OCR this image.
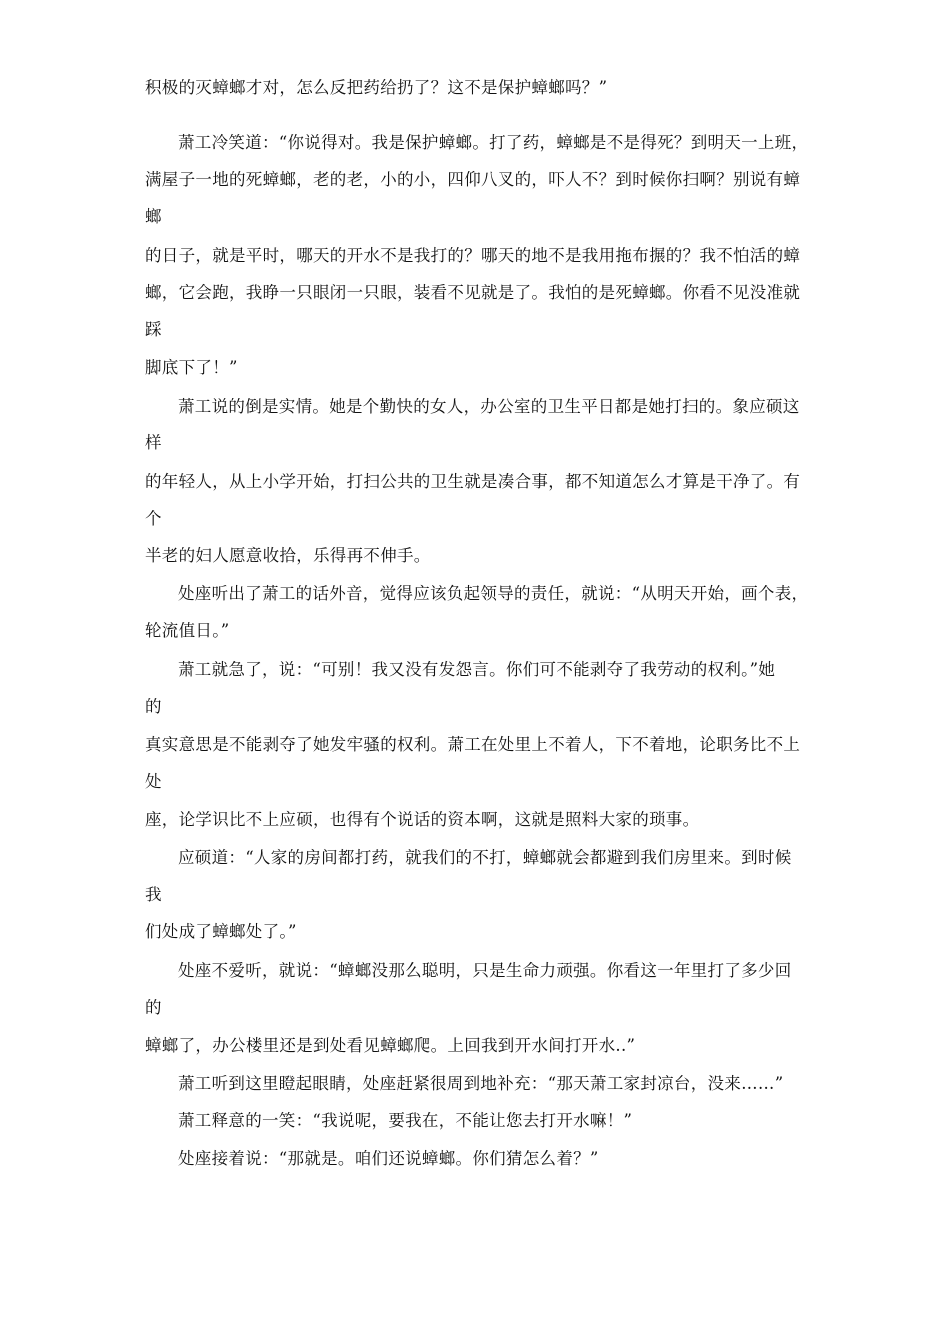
积极的灭蟑螂才对，怎么反把药给扔了？这不是保护蟑螂吗？”
萧工冷笑道：“你说得对。我是保护蟑螂。打了药，蟑螂是不是得死？到明天一上班，
满屋子一地的死蟑螂，老的老，小的小，四仰八叉的，吓人不？到时候你扫啊？别说有蟑
螂
的日子，就是平时，哪天的开水不是我打的？哪天的地不是我用拖布搌的？我不怕活的蟑
螂，它会跑，我睁一只眼闭一只眼，装看不见就是了。我怕的是死蟑螂。你看不见没准就
踩
脚底下了！”
萧工说的倒是实情。她是个勤快的女人，办公室的卫生平日都是她打扫的。象应硕这
样
的年轻人，从上小学开始，打扫公共的卫生就是凑合事，都不知道怎么才算是干净了。有
个
半老的妇人愿意收拾，乐得再不伸手。
处座听出了萧工的话外音，觉得应该负起领导的责任，就说：“从明天开始，画个表，
轮流值日。”
萧工就急了，说：“可别！我又没有发怨言。你们可不能剥夺了我劳动的权利。”她
的
真实意思是不能剥夺了她发牢骚的权利。萧工在处里上不着人，下不着地，论职务比不上
处
座，论学识比不上应硕，也得有个说话的资本啊，这就是照料大家的琐事。
应硕道：“人家的房间都打药，就我们的不打，蟑螂就会都避到我们房里来。到时候
我
们处成了蟑螂处了。”
处座不爱听，就说：“蟑螂没那么聪明，只是生命力顽强。你看这一年里打了多少回
的
蟑螂了，办公楼里还是到处看见蟑螂爬。上回我到开水间打开水..”
萧工听到这里瞪起眼睛，处座赶紧很周到地补充：“那天萧工家封凉台，没来……”
萧工释意的一笑：“我说呢，要我在，不能让您去打开水嘛！”
处座接着说：“那就是。咱们还说蟑螂。你们猜怎么着？”
